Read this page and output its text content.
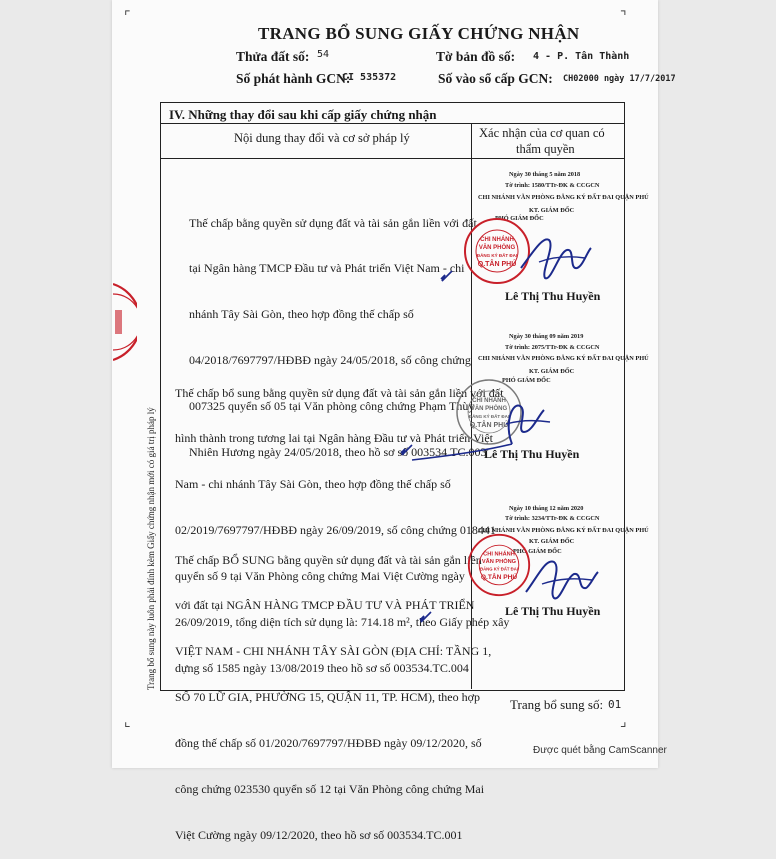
⌜	⌝
TRANG BỔ SUNG GIẤY CHỨNG NHẬN
Thửa đất số: 54	Tờ bản đồ số: 4 - P. Tân Thành
Số phát hành GCN:
CI 535372	Số vào sổ cấp GCN: CH02000 ngày 17/7/2017
IV. Những thay đổi sau khi cấp giấy chứng nhận
Nội dung thay đổi và cơ sở pháp lý	Xác nhận của cơ quan có
thẩm quyền

Thế chấp bằng quyền sử dụng đất và tài sản gắn liền với đất

tại Ngân hàng TMCP Đầu tư và Phát triển Việt Nam - chi

nhánh Tây Sài Gòn, theo hợp đồng thế chấp số

04/2018/7697797/HĐBĐ ngày 24/05/2018, số công chứng

007325 quyển số 05 tại Văn phòng công chứng Phạm Thùy

Nhiên Hương ngày 24/05/2018, theo hồ sơ số 003534.TC.003

Ngày 30 tháng 5 năm 2018
Tờ trình: 1580/TTr-ĐK & CCGCN
CHI NHÁNH VĂN PHÒNG ĐĂNG KÝ ĐẤT ĐAI QUẬN PHÚ
KT. GIÁM ĐỐC
PHÓ GIÁM ĐỐC
CHI NHÁNH
VĂN PHÒNG
ĐĂNG KÝ ĐẤT ĐAI
Q.TÂN PHÚ
Lê Thị Thu Huyền

Thế chấp bổ sung bằng quyền sử dụng đất và tài sản gắn liền với đất

hình thành trong tương lai tại Ngân hàng Đầu tư và Phát triển Việt

Nam - chi nhánh Tây Sài Gòn, theo hợp đồng thế chấp số

02/2019/7697797/HĐBĐ ngày 26/09/2019, số công chứng 018441

quyển số 9 tại Văn Phòng công chứng Mai Việt Cường ngày

26/09/2019, tổng diện tích sử dụng là: 714.18 m², theo Giấy phép xây

dựng số 1585 ngày 13/08/2019 theo hồ sơ số 003534.TC.004

Ngày 30 tháng 09 năm 2019
Tờ trình: 2075/TTr-ĐK & CCGCN
CHI NHÁNH VĂN PHÒNG ĐĂNG KÝ ĐẤT ĐAI QUẬN PHÚ
KT. GIÁM ĐỐC
PHÓ GIÁM ĐỐC
CHI NHÁNH
VĂN PHÒNG
ĐĂNG KÝ ĐẤT ĐAI
Q.TÂN PHÚ
Lê Thị Thu Huyền

Thế chấp BỔ SUNG bằng quyền sử dụng đất và tài sản gắn liền

với đất tại NGÂN HÀNG TMCP ĐẦU TƯ VÀ PHÁT TRIỂN

VIỆT NAM - CHI NHÁNH TÂY SÀI GÒN (ĐỊA CHỈ: TẦNG 1,

SỐ 70 LỮ GIA, PHƯỜNG 15, QUẬN 11, TP. HCM), theo hợp

đồng thế chấp số 01/2020/7697797/HĐBĐ ngày 09/12/2020, số

công chứng 023530 quyển số 12 tại Văn Phòng công chứng Mai

Việt Cường ngày 09/12/2020, theo hồ sơ số 003534.TC.001

Ngày 10 tháng 12 năm 2020
Tờ trình: 3234/TTr-ĐK & CCGCN
CHI NHÁNH VĂN PHÒNG ĐĂNG KÝ ĐẤT ĐAI QUẬN PHÚ
KT. GIÁM ĐỐC
PHÓ GIÁM ĐỐC
CHI NHÁNH
VĂN PHÒNG
ĐĂNG KÝ ĐẤT ĐAI
Q.TÂN PHÚ
Lê Thị Thu Huyền
Trang bổ sung này luôn phải đính kèm Giấy chứng nhận mới có giá trị pháp lý
Trang bổ sung số: 01
⌞	⌟
Được quét bằng CamScanner
